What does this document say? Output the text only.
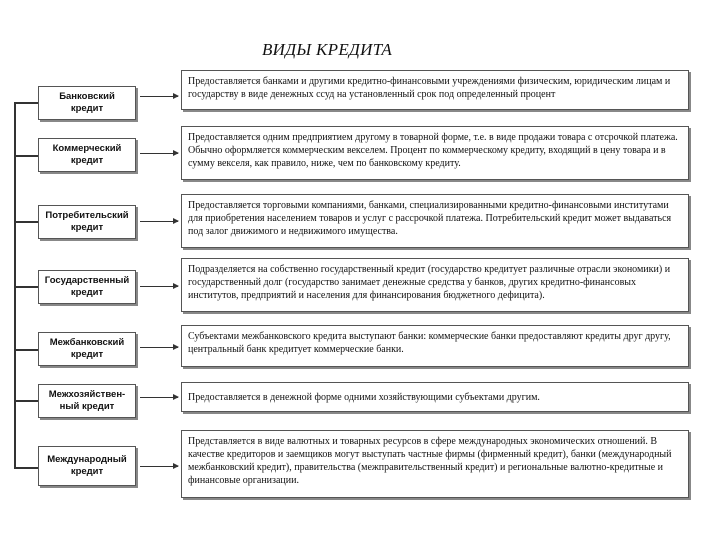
ВИДЫ КРЕДИТА
Банковский кредит
Предоставляется банками и другими кредитно-финансовыми учреждениями физическим, юридическим лицам и государству в виде денежных ссуд на установленный срок под определенный процент
Коммерческий кредит
Предоставляется одним предприятием другому в товарной форме, т.е. в виде продажи товара с отсрочкой платежа. Обычно оформляется коммерческим векселем. Процент по коммерческому кредиту, входящий в цену товара и в сумму векселя, как правило, ниже, чем по банковскому кредиту.
Потребительский кредит
Предоставляется торговыми компаниями, банками, специализированными кредитно-финансовыми институтами для приобретения населением товаров и услуг с рассрочкой платежа. Потребительский кредит может выдаваться под залог движимого и недвижимого имущества.
Государственный кредит
Подразделяется на собственно государственный кредит (государство кредитует различные отрасли экономики) и государственный долг (государство занимает денежные средства у банков, других кредитно-финансовых институтов, предприятий и населения для финансирования бюджетного дефицита).
Межбанковский кредит
Субъектами межбанковского кредита выступают банки: коммерческие банки предоставляют кредиты друг другу, центральный банк кредитует коммерческие банки.
Межхозяйствен-ный кредит
Предоставляется в денежной форме одними хозяйствующими субъектами другим.
Международный кредит
Представляется в виде валютных и товарных ресурсов в сфере международных экономических отношений. В качестве кредиторов и заемщиков могут выступать частные фирмы (фирменный кредит), банки (международный межбанковский кредит), правительства (межправительственный кредит) и региональные валютно-кредитные и финансовые организации.
